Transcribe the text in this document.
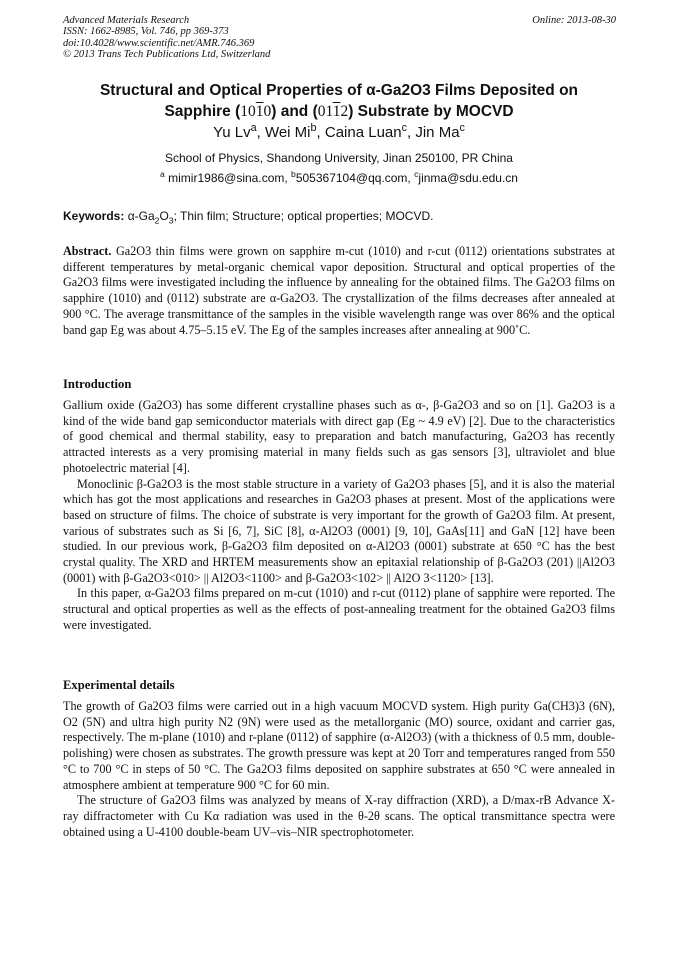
Advanced Materials Research
ISSN: 1662-8985, Vol. 746, pp 369-373
doi:10.4028/www.scientific.net/AMR.746.369
© 2013 Trans Tech Publications Ltd, Switzerland
Online: 2013-08-30
Structural and Optical Properties of α-Ga2O3 Films Deposited on
Sapphire (1010) and (0112) Substrate by MOCVD
Yu Lv$^a$, Wei Mi$^b$, Caina Luan$^c$, Jin Ma$^c$
School of Physics, Shandong University, Jinan 250100, PR China
$^a$ mimir1986@sina.com, $^b$505367104@qq.com, $^c$jinma@sdu.edu.cn
Keywords: $\alpha-Ga_2O_3$; Thin film; Structure; optical properties; MOCVD.

Abstract. Ga2O3 thin films were grown on sapphire m-cut (1010) and r-cut (0112) orientations substrates at different temperatures by metal-organic chemical vapor deposition. Structural and optical properties of the Ga2O3 films were investigated including the influence by annealing for the obtained films. The Ga2O3 films on sapphire (1010) and (0112) substrate are α-Ga2O3. The crystallization of the films decreases after annealed at 900 °C. The average transmittance of the samples in the visible wavelength range was over 86% and the optical band gap Eg was about 4.75–5.15 eV. The Eg of the samples increases after annealing at 900˚C.

Introduction

Gallium oxide (Ga2O3) has some different crystalline phases such as α-, β-Ga2O3 and so on [1]. Ga2O3 is a kind of the wide band gap semiconductor materials with direct gap (Eg ~ 4.9 eV) [2]. Due to the characteristics of good chemical and thermal stability, easy to preparation and batch manufacturing, Ga2O3 has recently attracted interests as a very promising material in many fields such as gas sensors [3], ultraviolet and blue photoelectric material [4].

Monoclinic β-Ga2O3 is the most stable structure in a variety of Ga2O3 phases [5], and it is also the material which has got the most applications and researches in Ga2O3 phases at present. Most of the applications were based on structure of films. The choice of substrate is very important for the growth of Ga2O3 film. At present, various of substrates such as Si [6, 7], SiC [8], α-Al2O3 (0001) [9, 10], GaAs[11] and GaN [12] have been studied. In our previous work, β-Ga2O3 film deposited on α-Al2O3 (0001) substrate at 650 °C has the best crystal quality. The XRD and HRTEM measurements show an epitaxial relationship of β-Ga2O3 (201) ||Al2O3 (0001) with β-Ga2O3<010> || Al2O3<1100> and β-Ga2O3<102> || Al2O 3<1120> [13].

In this paper, α-Ga2O3 films prepared on m-cut (1010) and r-cut (0112) plane of sapphire were reported. The structural and optical properties as well as the effects of post-annealing treatment for the obtained Ga2O3 films were investigated.

Experimental details

The growth of Ga2O3 films were carried out in a high vacuum MOCVD system. High purity Ga(CH3)3 (6N), O2 (5N) and ultra high purity N2 (9N) were used as the metallorganic (MO) source, oxidant and carrier gas, respectively. The m-plane (1010) and r-plane (0112) of sapphire (α-Al2O3) (with a thickness of 0.5 mm, double-polishing) were chosen as substrates. The growth pressure was kept at 20 Torr and temperatures ranged from 550 °C to 700 °C in steps of 50 °C. The Ga2O3 films deposited on sapphire substrates at 650 °C were annealed in atmosphere ambient at temperature 900 °C for 60 min.

The structure of Ga2O3 films was analyzed by means of X-ray diffraction (XRD), a D/max-rB Advance X-ray diffractometer with Cu Kα radiation was used in the θ-2θ scans. The optical transmittance spectra were obtained using a U-4100 double-beam UV–vis–NIR spectrophotometer.
